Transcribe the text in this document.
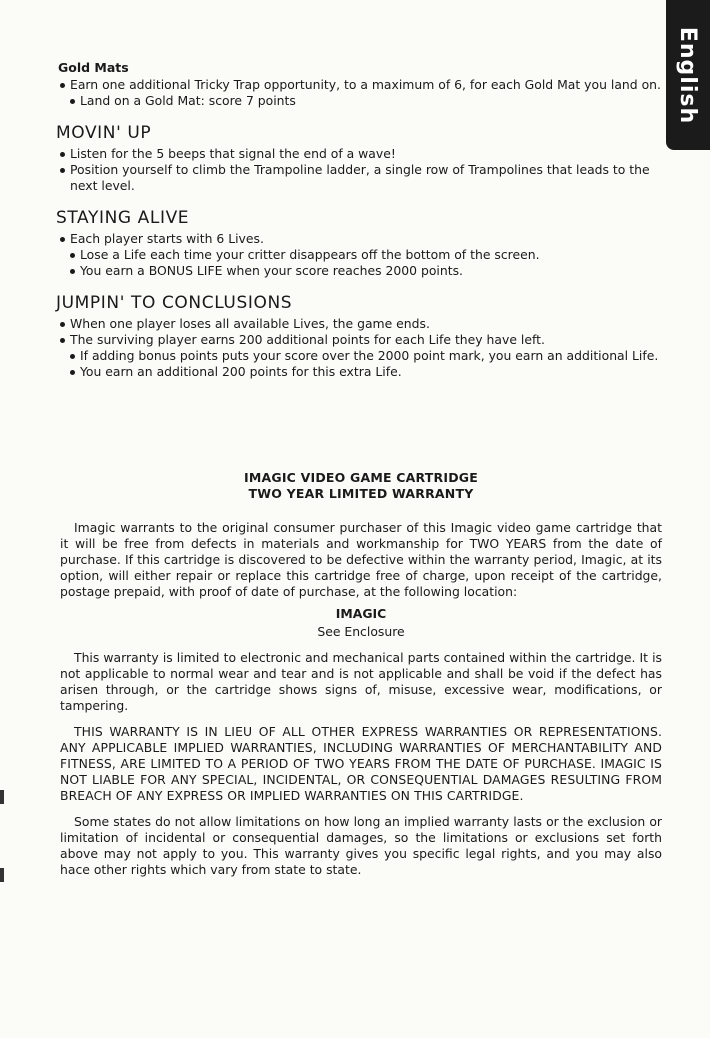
English
Gold Mats
Earn one additional Tricky Trap opportunity, to a maximum of 6, for each Gold Mat you land on.
Land on a Gold Mat: score 7 points
MOVIN' UP
Listen for the 5 beeps that signal the end of a wave!
Position yourself to climb the Trampoline ladder, a single row of Trampolines that leads to the next level.
STAYING ALIVE
Each player starts with 6 Lives.
Lose a Life each time your critter disappears off the bottom of the screen.
You earn a BONUS LIFE when your score reaches 2000 points.
JUMPIN' TO CONCLUSIONS
When one player loses all available Lives, the game ends.
The surviving player earns 200 additional points for each Life they have left.
If adding bonus points puts your score over the 2000 point mark, you earn an additional Life.
You earn an additional 200 points for this extra Life.
IMAGIC VIDEO GAME CARTRIDGE
TWO YEAR LIMITED WARRANTY

Imagic warrants to the original consumer purchaser of this Imagic video game cartridge that it will be free from defects in materials and workmanship for TWO YEARS from the date of purchase. If this cartridge is discovered to be defective within the warranty period, Imagic, at its option, will either repair or replace this cartridge free of charge, upon receipt of the cartridge, postage prepaid, with proof of date of purchase, at the following location:

IMAGIC
See Enclosure

This warranty is limited to electronic and mechanical parts contained within the cartridge. It is not applicable to normal wear and tear and is not applicable and shall be void if the defect has arisen through, or the cartridge shows signs of, misuse, excessive wear, modifications, or tampering.

THIS WARRANTY IS IN LIEU OF ALL OTHER EXPRESS WARRANTIES OR REPRESENTATIONS. ANY APPLICABLE IMPLIED WARRANTIES, INCLUDING WARRANTIES OF MERCHANTABILITY AND FITNESS, ARE LIMITED TO A PERIOD OF TWO YEARS FROM THE DATE OF PURCHASE. IMAGIC IS NOT LIABLE FOR ANY SPECIAL, INCIDENTAL, OR CONSEQUENTIAL DAMAGES RESULTING FROM BREACH OF ANY EXPRESS OR IMPLIED WARRANTIES ON THIS CARTRIDGE.

Some states do not allow limitations on how long an implied warranty lasts or the exclusion or limitation of incidental or consequential damages, so the limitations or exclusions set forth above may not apply to you. This warranty gives you specific legal rights, and you may also hace other rights which vary from state to state.
